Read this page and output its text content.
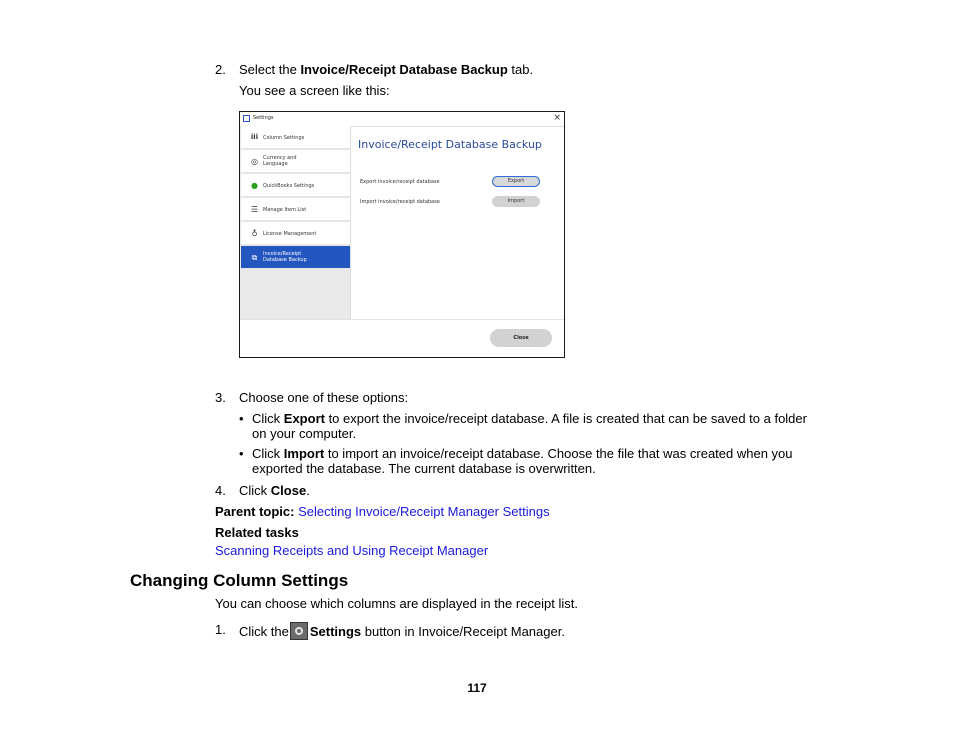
2. Select the Invoice/Receipt Database Backup tab.
You see a screen like this:
Settings	×
iii Column Settings
◎ Currency and
Language
● QuickBooks Settings
☰ Manage Item List
♁	License Management
⧉	Invoice/Receipt
Database Backup
Invoice/Receipt Database Backup
Export invoice/receipt database	Export
Import invoice/receipt database	Import
Close
3. Choose one of these options:
• Click Export to export the invoice/receipt database. A file is created that can be saved to a folder
on your computer.
• Click Import to import an invoice/receipt database. Choose the file that was created when you
exported the database. The current database is overwritten.
4. Click Close.
Parent topic: Selecting Invoice/Receipt Manager Settings
Related tasks
Scanning Receipts and Using Receipt Manager
Changing Column Settings
You can choose which columns are displayed in the receipt list.
1. Click the Settings button in Invoice/Receipt Manager.
117
